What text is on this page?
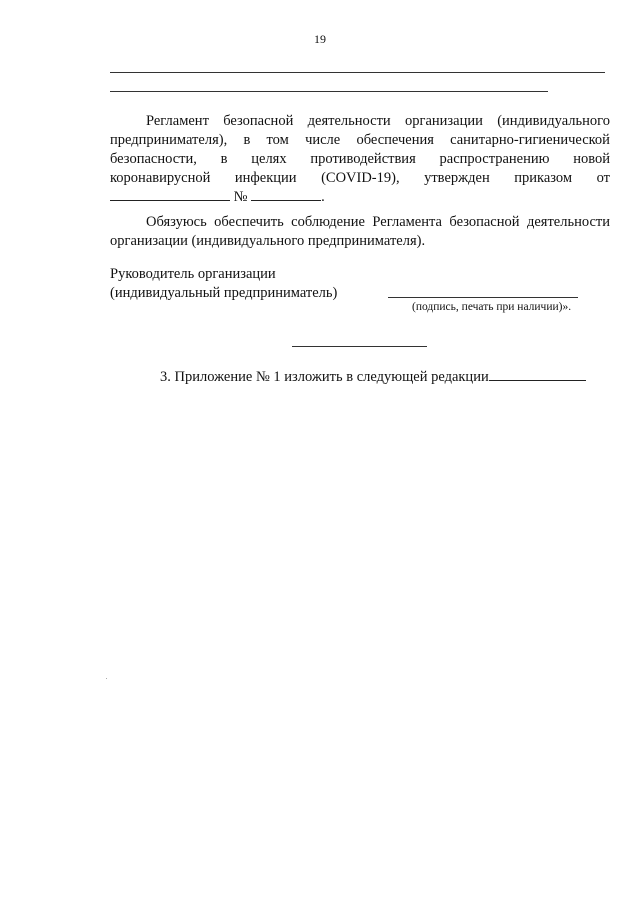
19
Регламент безопасной деятельности организации (индивидуального
предпринимателя), в том числе обеспечения санитарно-гигиенической
безопасности, в целях противодействия распространению новой
коронавирусной инфекции (COVID-19), утвержден приказом от
№	.
Обязуюсь обеспечить соблюдение Регламента безопасной деятельности организации (индивидуального предпринимателя).
Руководитель организации
(индивидуальный предприниматель)
(подпись, печать при наличии)».
3. Приложение № 1 изложить в следующей редакции
